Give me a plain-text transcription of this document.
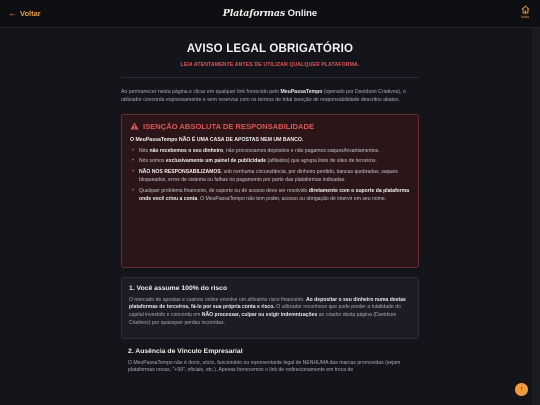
← Voltar	Plataformas Online	Início
AVISO LEGAL OBRIGATÓRIO
LEIA ATENTAMENTE ANTES DE UTILIZAR QUALQUER PLATAFORMA.

Ao permanecer nesta página e clicar em qualquer link fornecido pelo MeuPassaTempo (operado por Davidson Criativos), o utilizador concorda expressamente e sem reservas com os termos de total isenção de responsabilidade descritos abaixo.

ISENÇÃO ABSOLUTA DE RESPONSABILIDADE
O MeuPassaTempo NÃO É UMA CASA DE APOSTAS NEM UM BANCO.
• Nós não recebemos o seu dinheiro, não processamos depósitos e não pagamos saques/levantamentos.
• Nós somos exclusivamente um painel de publicidade (afiliados) que agrupa links de sites de terceiros.
• NÃO NOS RESPONSABILIZAMOS, sob nenhuma circunstância, por dinheiro perdido, bancas quebradas, saques bloqueados, erros de sistema ou falhas no pagamento por parte das plataformas indicadas.
• Qualquer problema financeiro, de suporte ou de acesso deve ser resolvido diretamente com o suporte da plataforma onde você criou a conta. O MeuPassaTempo não tem poder, acesso ou obrigação de intervir em seu nome.
1. Você assume 100% do risco

O mercado de apostas e casinos online envolve um altíssimo risco financeiro. Ao depositar o seu dinheiro numa destas plataformas de terceiros, fá-lo por sua própria conta e risco. O utilizador reconhece que pode perder a totalidade do capital investido e concorda em NÃO processar, culpar ou exigir indemnizações ao criador desta página (Davidson Criativos) por quaisquer perdas incorridas.

2. Ausência de Vínculo Empresarial

O MeuPassaTempo não é dono, sócio, funcionário ou representante legal de NENHUMA das marcas promovidas (sejam plataformas novas, "+99", oficiais, etc.). Apenas fornecemos o link de redirecionamento em troca de

↑
